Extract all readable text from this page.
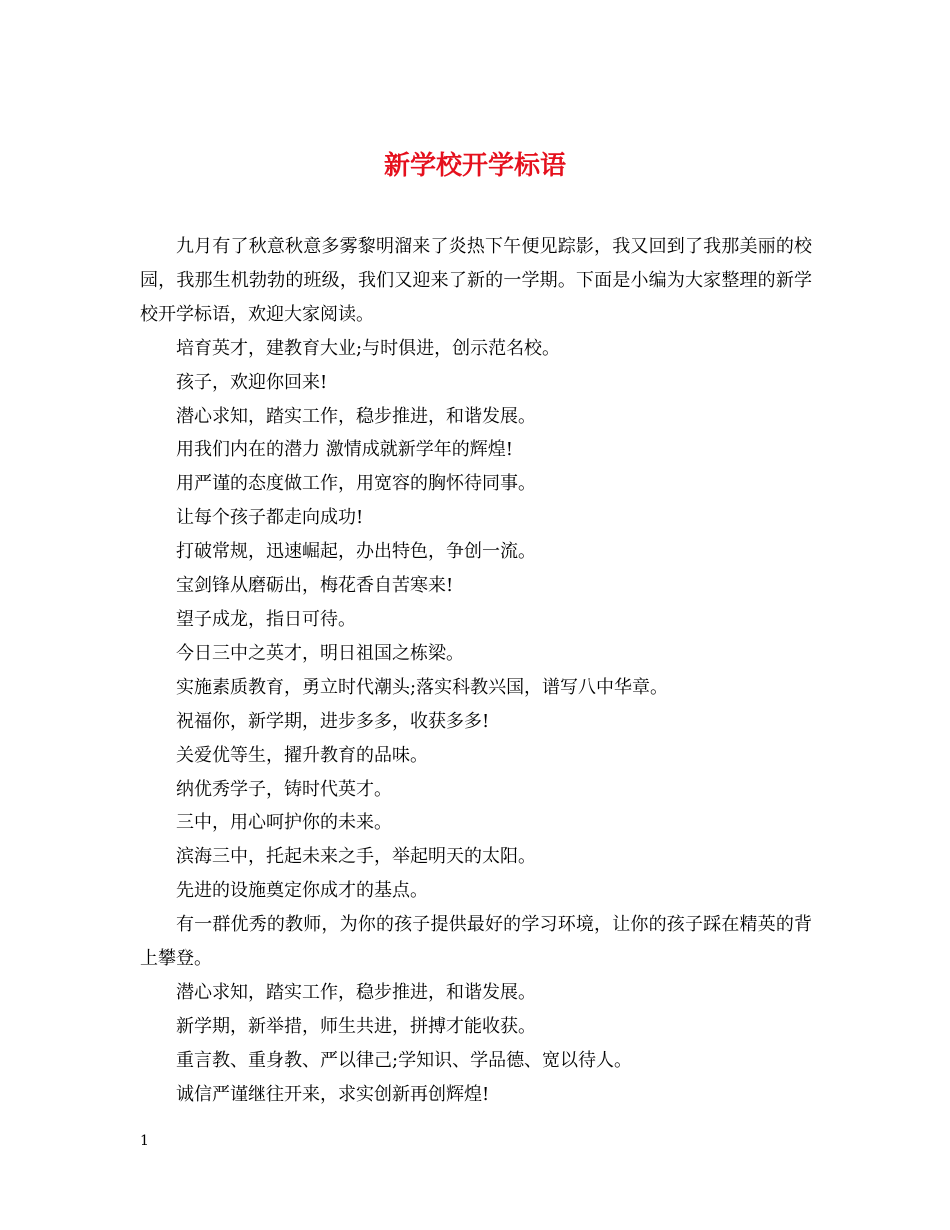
新学校开学标语

九月有了秋意秋意多雾黎明溜来了炎热下午便见踪影，我又回到了我那美丽的校园，我那生机勃勃的班级，我们又迎来了新的一学期。下面是小编为大家整理的新学校开学标语，欢迎大家阅读。

培育英才，建教育大业;与时俱进，创示范名校。

孩子，欢迎你回来!

潜心求知，踏实工作，稳步推进，和谐发展。

用我们内在的潜力 激情成就新学年的辉煌!

用严谨的态度做工作，用宽容的胸怀待同事。

让每个孩子都走向成功!

打破常规，迅速崛起，办出特色，争创一流。

宝剑锋从磨砺出，梅花香自苦寒来!

望子成龙，指日可待。

今日三中之英才，明日祖国之栋梁。

实施素质教育，勇立时代潮头;落实科教兴国，谱写八中华章。

祝福你，新学期，进步多多，收获多多!

关爱优等生，擢升教育的品味。

纳优秀学子，铸时代英才。

三中，用心呵护你的未来。

滨海三中，托起未来之手，举起明天的太阳。

先进的设施奠定你成才的基点。

有一群优秀的教师，为你的孩子提供最好的学习环境，让你的孩子踩在精英的背上攀登。

潜心求知，踏实工作，稳步推进，和谐发展。

新学期，新举措，师生共进，拼搏才能收获。

重言教、重身教、严以律己;学知识、学品德、宽以待人。

诚信严谨继往开来，求实创新再创辉煌!

1
